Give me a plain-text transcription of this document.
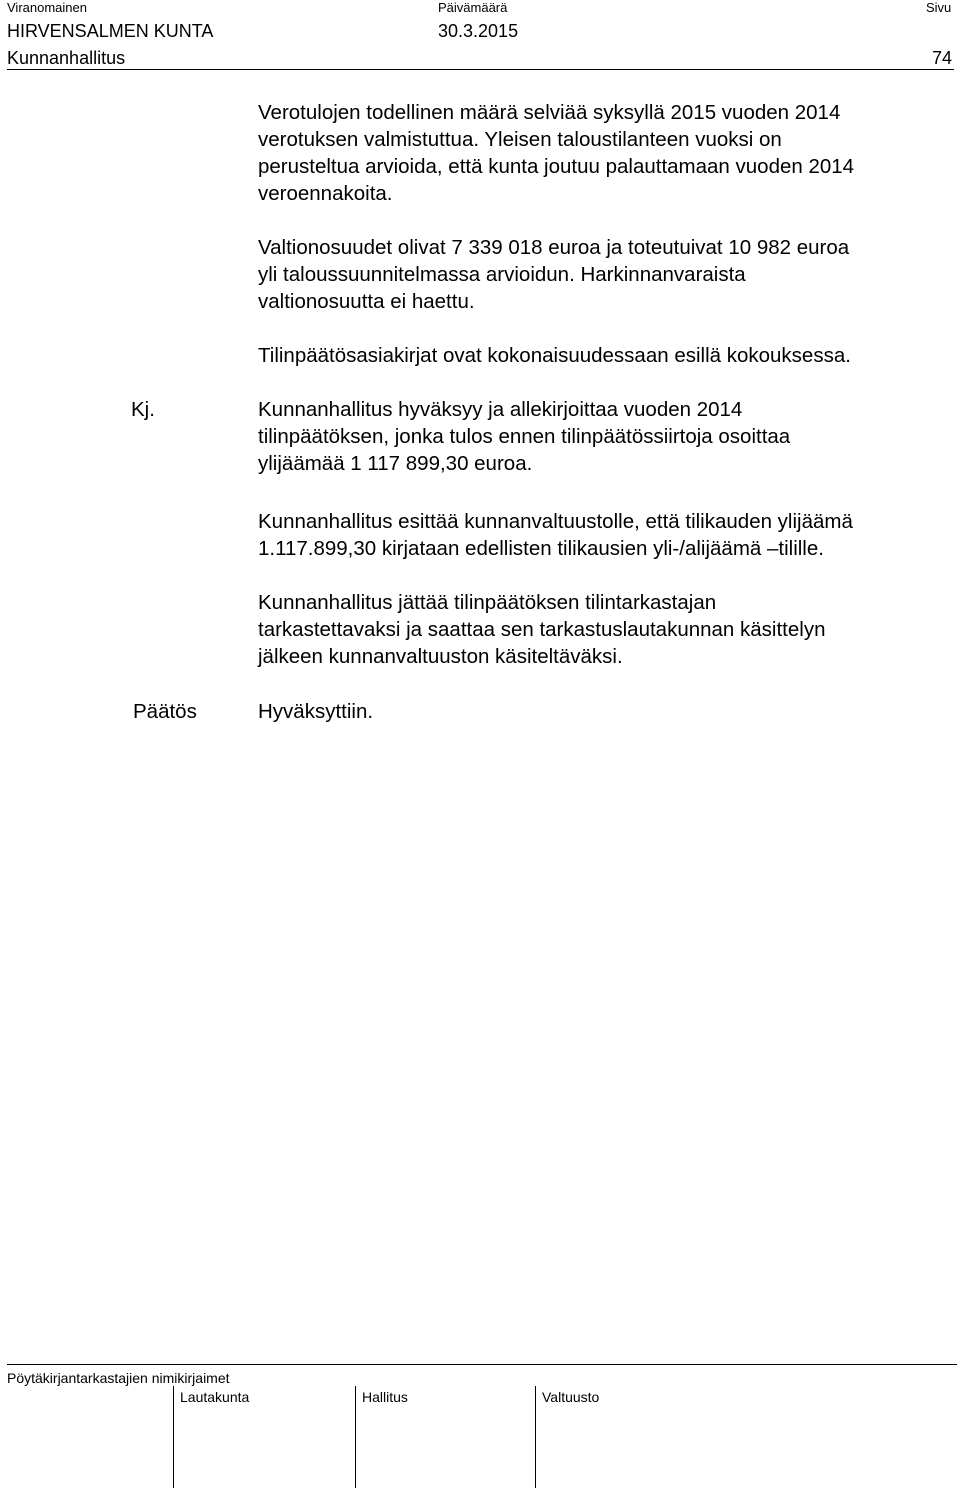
Viranomainen	Päivämäärä	Sivu
HIRVENSALMEN KUNTA	30.3.2015
Kunnanhallitus	74
Verotulojen todellinen määrä selviää syksyllä 2015 vuoden 2014
verotuksen valmistuttua. Yleisen taloustilanteen vuoksi on
perusteltua arvioida, että kunta joutuu palauttamaan vuoden 2014
veroennakoita.
Valtionosuudet olivat 7 339 018 euroa ja toteutuivat 10 982 euroa
yli taloussuunnitelmassa arvioidun. Harkinnanvaraista
valtionosuutta ei haettu.
Tilinpäätösasiakirjat ovat kokonaisuudessaan esillä kokouksessa.
Kj.	Kunnanhallitus hyväksyy ja allekirjoittaa vuoden 2014
tilinpäätöksen, jonka tulos ennen tilinpäätössiirtoja osoittaa
ylijäämää 1 117 899,30 euroa.
Kunnanhallitus esittää kunnanvaltuustolle, että tilikauden ylijäämä
1.117.899,30 kirjataan edellisten tilikausien yli-/alijäämä –tilille.
Kunnanhallitus jättää tilinpäätöksen tilintarkastajan
tarkastettavaksi ja saattaa sen tarkastuslautakunnan käsittelyn
jälkeen kunnanvaltuuston käsiteltäväksi.
Päätös	Hyväksyttiin.
Pöytäkirjantarkastajien nimikirjaimet
Lautakunta	Hallitus	Valtuusto
